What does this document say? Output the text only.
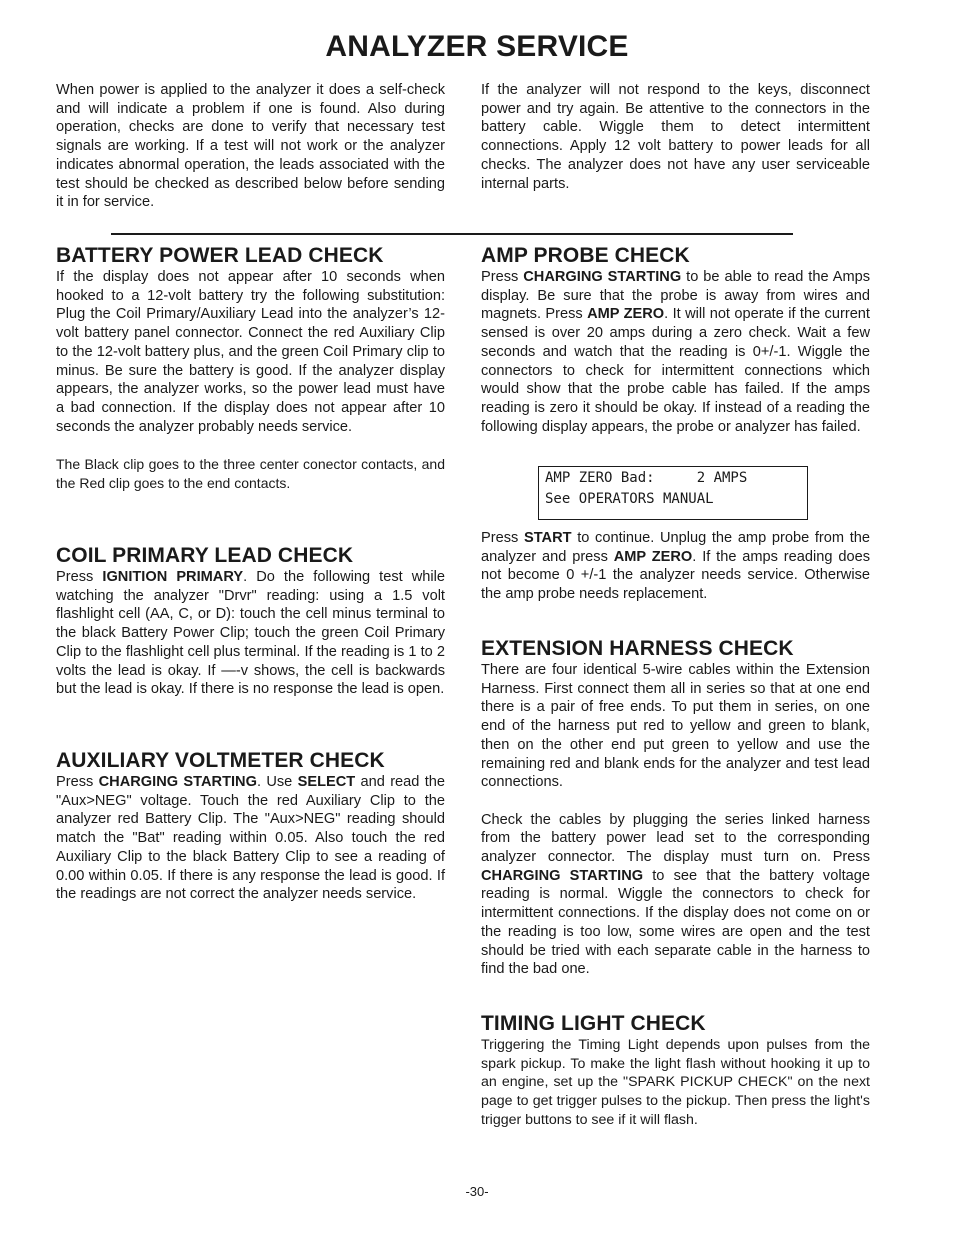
ANALYZER SERVICE

When power is applied to the analyzer it does a self-check and will indicate a problem if one is found. Also during operation, checks are done to verify that necessary test signals are working. If a test will not work or the analyzer indicates abnormal operation, the leads associated with the test should be checked as described below before sending it in for service.

If the analyzer will not respond to the keys, disconnect power and try again. Be attentive to the connectors in the battery cable. Wiggle them to detect intermittent connections. Apply 12 volt battery to power leads for all checks. The analyzer does not have any user serviceable internal parts.

BATTERY POWER LEAD CHECK

If the display does not appear after 10 seconds when hooked to a 12-volt battery try the following substitution: Plug the Coil Primary/Auxiliary Lead into the analyzer’s 12-volt battery panel connector. Connect the red Auxiliary Clip to the 12-volt battery plus, and the green Coil Primary clip to minus. Be sure the battery is good. If the analyzer display appears, the analyzer works, so the power lead must have a bad connection. If the display does not appear after 10 seconds the analyzer probably needs service.

The Black clip goes to the three center conector contacts, and the Red clip goes to the end contacts.

COIL PRIMARY LEAD CHECK

Press IGNITION PRIMARY. Do the following test while watching the analyzer "Drvr" reading: using a 1.5 volt flashlight cell (AA, C, or D): touch the cell minus terminal to the black Battery Power Clip; touch the green Coil Primary Clip to the flashlight cell plus terminal. If the reading is 1 to 2 volts the lead is okay. If —-v shows, the cell is backwards but the lead is okay. If there is no response the lead is open.

AUXILIARY VOLTMETER CHECK

Press CHARGING STARTING. Use SELECT and read the "Aux>NEG" voltage. Touch the red Auxiliary Clip to the analyzer red Battery Clip. The "Aux>NEG" reading should match the "Bat" reading within 0.05. Also touch the red Auxiliary Clip to the black Battery Clip to see a reading of 0.00 within 0.05. If there is any response the lead is good. If the readings are not correct the analyzer needs service.

AMP PROBE CHECK

Press CHARGING STARTING to be able to read the Amps display. Be sure that the probe is away from wires and magnets. Press AMP ZERO. It will not operate if the current sensed is over 20 amps during a zero check. Wait a few seconds and watch that the reading is 0+/-1. Wiggle the connectors to check for intermittent connections which would show that the probe cable has failed. If the amps reading is zero it should be okay. If instead of a reading the following display appears, the probe or analyzer has failed.

AMP ZERO Bad:     2 AMPS
See OPERATORS MANUAL

Press START to continue. Unplug the amp probe from the analyzer and press AMP ZERO. If the amps reading does not become 0 +/-1 the analyzer needs service. Otherwise the amp probe needs replacement.

EXTENSION HARNESS CHECK

There are four identical 5-wire cables within the Extension Harness. First connect them all in series so that at one end there is a pair of free ends. To put them in series, on one end of the harness put red to yellow and green to blank, then on the other end put green to yellow and use the remaining red and blank ends for the analyzer and test lead connections.

Check the cables by plugging the series linked harness from the battery power lead set to the corresponding analyzer connector. The display must turn on. Press CHARGING STARTING to see that the battery voltage reading is normal. Wiggle the connectors to check for intermittent connections. If the display does not come on or the reading is too low, some wires are open and the test should be tried with each separate cable in the harness to find the bad one.

TIMING LIGHT CHECK

Triggering the Timing Light depends upon pulses from the spark pickup. To make the light flash without hooking it up to an engine, set up the "SPARK PICKUP CHECK" on the next page to get trigger pulses to the pickup. Then press the light's trigger buttons to see if it will flash.

-30-
